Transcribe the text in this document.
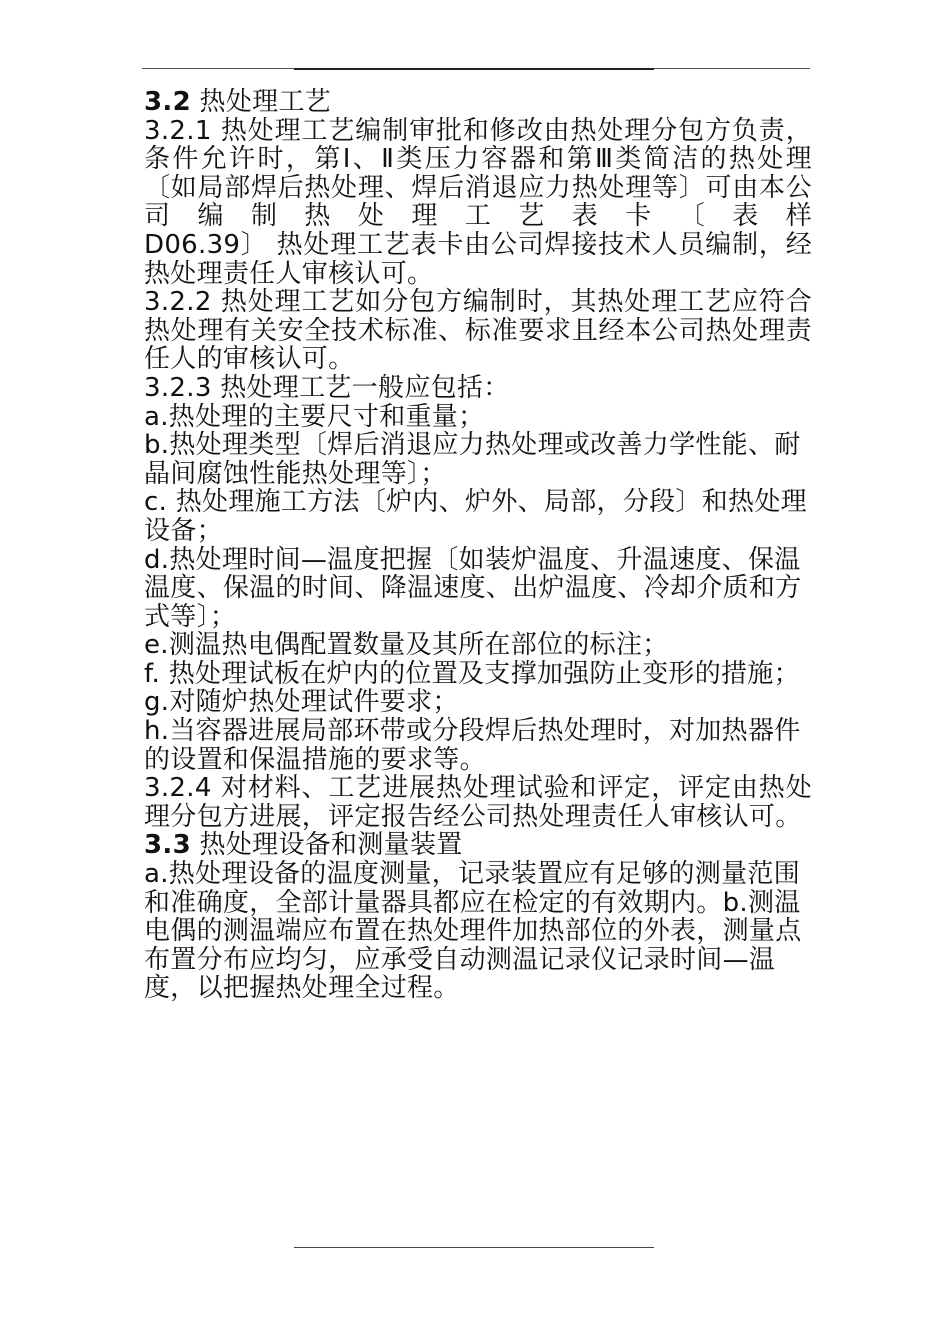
3.2 热处理工艺

3.2.1 热处理工艺编制审批和修改由热处理分包方负责，条件允许时，第Ⅰ、Ⅱ类压力容器和第Ⅲ类简洁的热处理〔如局部焊后热处理、焊后消退应力热处理等〕可由本公司编制热处理工艺表卡〔表样

D06.39〕 热处理工艺表卡由公司焊接技术人员编制，经热处理责任人审核认可。

3.2.2 热处理工艺如分包方编制时，其热处理工艺应符合热处理有关安全技术标准、标准要求且经本公司热处理责任人的审核认可。

3.2.3 热处理工艺一般应包括：

a.热处理的主要尺寸和重量；

b.热处理类型〔焊后消退应力热处理或改善力学性能、耐晶间腐蚀性能热处理等〕；

c. 热处理施工方法〔炉内、炉外、局部，分段〕和热处理设备；

d.热处理时间—温度把握〔如装炉温度、升温速度、保温温度、保温的时间、降温速度、出炉温度、冷却介质和方式等〕；

e.测温热电偶配置数量及其所在部位的标注；

f. 热处理试板在炉内的位置及支撑加强防止变形的措施；

g.对随炉热处理试件要求；

h.当容器进展局部环带或分段焊后热处理时，对加热器件的设置和保温措施的要求等。

3.2.4 对材料、工艺进展热处理试验和评定，评定由热处理分包方进展，评定报告经公司热处理责任人审核认可。

3.3 热处理设备和测量装置

a.热处理设备的温度测量，记录装置应有足够的测量范围和准确度，全部计量器具都应在检定的有效期内。b.测温电偶的测温端应布置在热处理件加热部位的外表，测量点布置分布应均匀，应承受自动测温记录仪记录时间—温度，以把握热处理全过程。
